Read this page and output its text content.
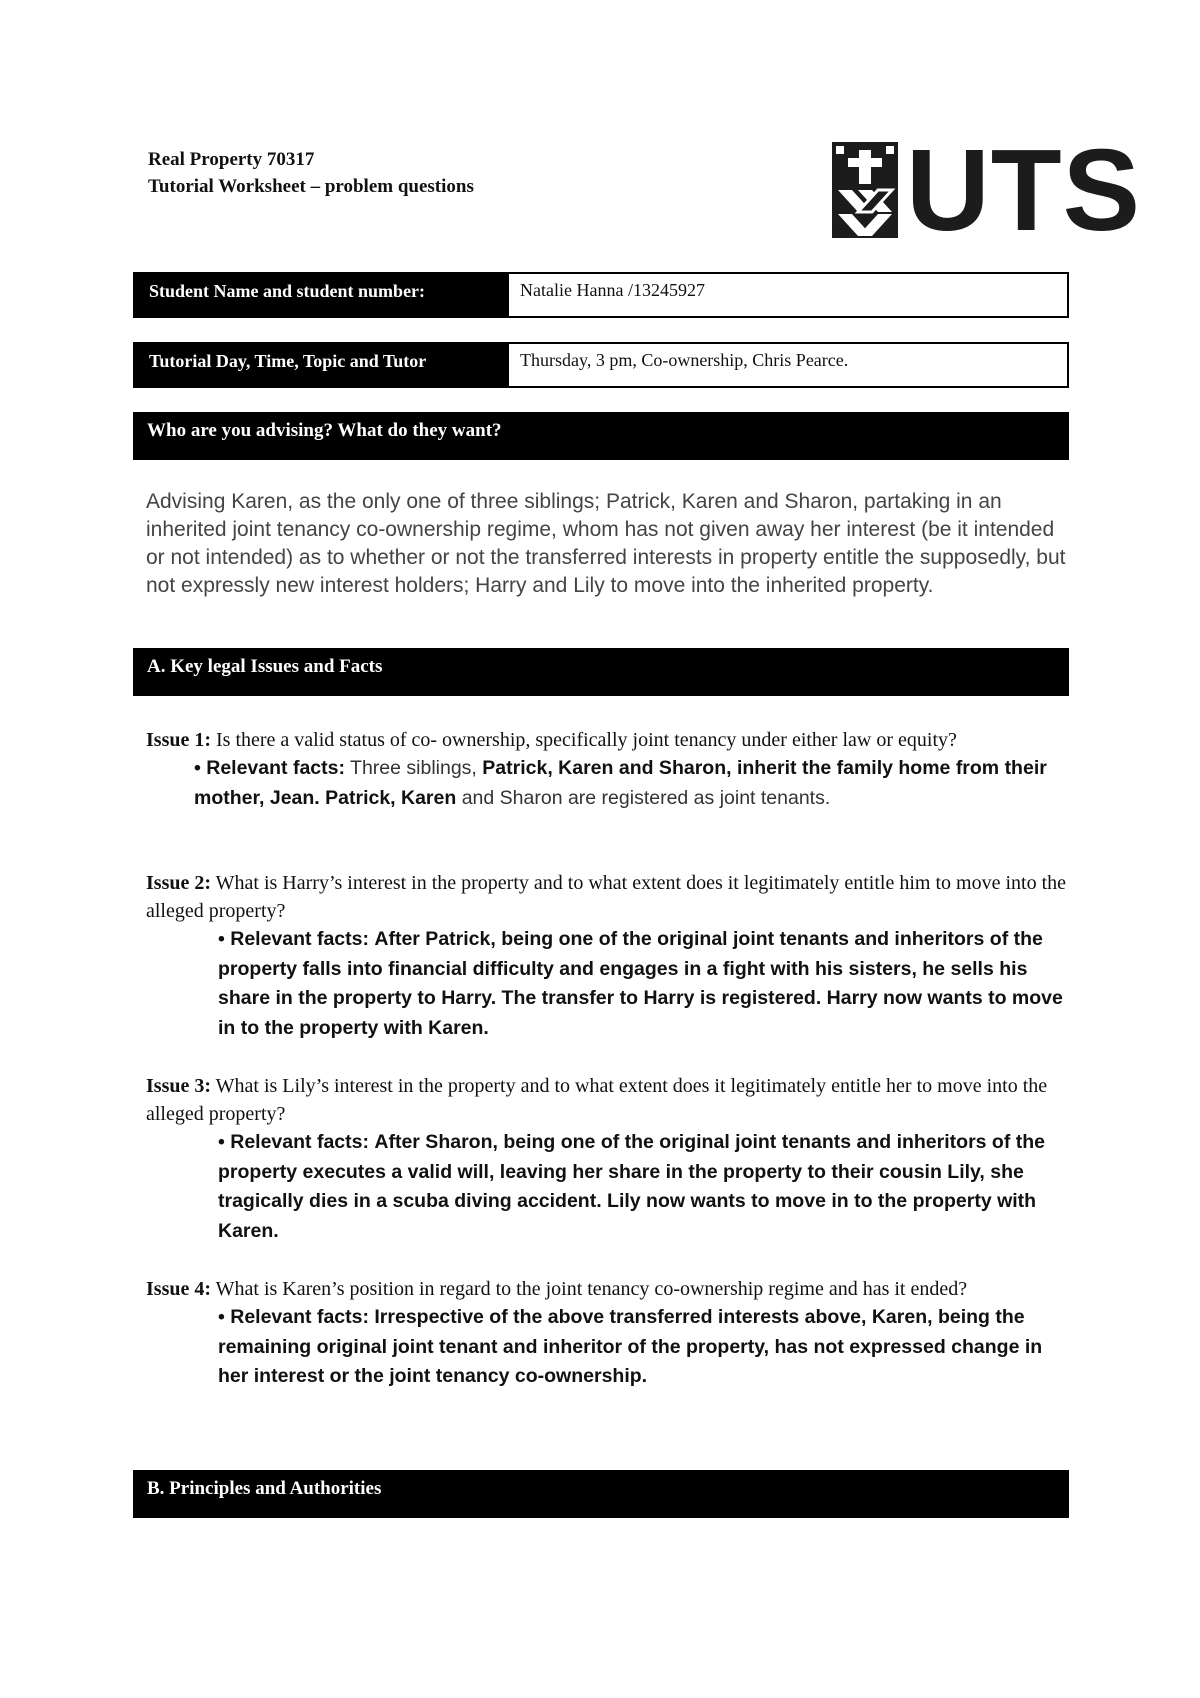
Real Property 70317
Tutorial Worksheet – problem questions	UTS
Student Name and student number:	Natalie Hanna /13245927
Tutorial Day, Time, Topic and Tutor	Thursday, 3 pm, Co-ownership, Chris Pearce.
Who are you advising? What do they want?
Advising Karen, as the only one of three siblings; Patrick, Karen and Sharon, partaking in an inherited joint tenancy co-ownership regime, whom has not given away her interest (be it intended or not intended) as to whether or not the transferred interests in property entitle the supposedly, but not expressly new interest holders; Harry and Lily to move into the inherited property.
A. Key legal Issues and Facts
Issue 1: Is there a valid status of co- ownership, specifically joint tenancy under either law or equity?
• Relevant facts: Three siblings, Patrick, Karen and Sharon, inherit the family home from their mother, Jean. Patrick, Karen and Sharon are registered as joint tenants.
Issue 2: What is Harry’s interest in the property and to what extent does it legitimately entitle him to move into the alleged property?
• Relevant facts: After Patrick, being one of the original joint tenants and inheritors of the property falls into financial difficulty and engages in a fight with his sisters, he sells his share in the property to Harry. The transfer to Harry is registered. Harry now wants to move in to the property with Karen.
Issue 3: What is Lily’s interest in the property and to what extent does it legitimately entitle her to move into the alleged property?
• Relevant facts: After Sharon, being one of the original joint tenants and inheritors of the property executes a valid will, leaving her share in the property to their cousin Lily, she tragically dies in a scuba diving accident. Lily now wants to move in to the property with Karen.
Issue 4: What is Karen’s position in regard to the joint tenancy co-ownership regime and has it ended?
• Relevant facts: Irrespective of the above transferred interests above, Karen, being the remaining original joint tenant and inheritor of the property, has not expressed change in her interest or the joint tenancy co-ownership.
B. Principles and Authorities
